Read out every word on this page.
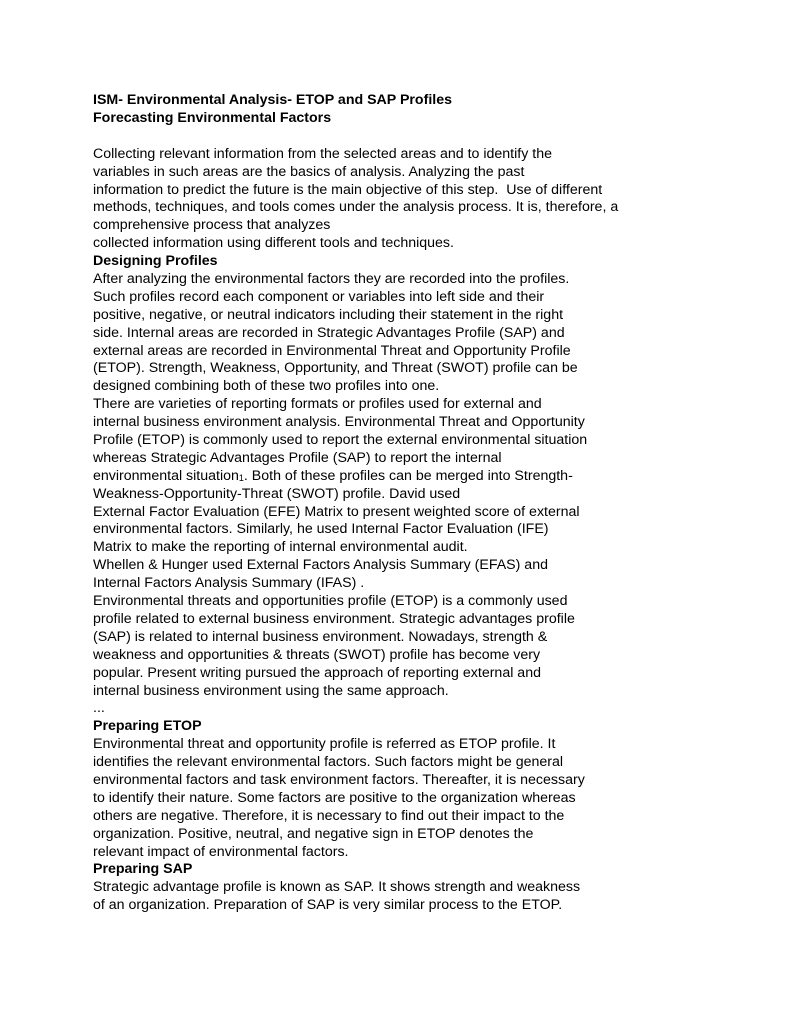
ISM- Environmental Analysis- ETOP and SAP Profiles
Forecasting Environmental Factors
Collecting relevant information from the selected areas and to identify the
variables in such areas are the basics of analysis. Analyzing the past
information to predict the future is the main objective of this step.  Use of different
methods, techniques, and tools comes under the analysis process. It is, therefore, a
comprehensive process that analyzes
collected information using different tools and techniques.
Designing Profiles
After analyzing the environmental factors they are recorded into the profiles.
Such profiles record each component or variables into left side and their
positive, negative, or neutral indicators including their statement in the right
side. Internal areas are recorded in Strategic Advantages Profile (SAP) and
external areas are recorded in Environmental Threat and Opportunity Profile
(ETOP). Strength, Weakness, Opportunity, and Threat (SWOT) profile can be
designed combining both of these two profiles into one.
There are varieties of reporting formats or profiles used for external and
internal business environment analysis. Environmental Threat and Opportunity
Profile (ETOP) is commonly used to report the external environmental situation
whereas Strategic Advantages Profile (SAP) to report the internal
environmental situation$_1$. Both of these profiles can be merged into Strength-
Weakness-Opportunity-Threat (SWOT) profile. David used
External Factor Evaluation (EFE) Matrix to present weighted score of external
environmental factors. Similarly, he used Internal Factor Evaluation (IFE)
Matrix to make the reporting of internal environmental audit.
Whellen & Hunger used External Factors Analysis Summary (EFAS) and
Internal Factors Analysis Summary (IFAS) .
Environmental threats and opportunities profile (ETOP) is a commonly used
profile related to external business environment. Strategic advantages profile
(SAP) is related to internal business environment. Nowadays, strength &
weakness and opportunities & threats (SWOT) profile has become very
popular. Present writing pursued the approach of reporting external and
internal business environment using the same approach.
...
Preparing ETOP
Environmental threat and opportunity profile is referred as ETOP profile. It
identifies the relevant environmental factors. Such factors might be general
environmental factors and task environment factors. Thereafter, it is necessary
to identify their nature. Some factors are positive to the organization whereas
others are negative. Therefore, it is necessary to find out their impact to the
organization. Positive, neutral, and negative sign in ETOP denotes the
relevant impact of environmental factors.
Preparing SAP
Strategic advantage profile is known as SAP. It shows strength and weakness
of an organization. Preparation of SAP is very similar process to the ETOP.
